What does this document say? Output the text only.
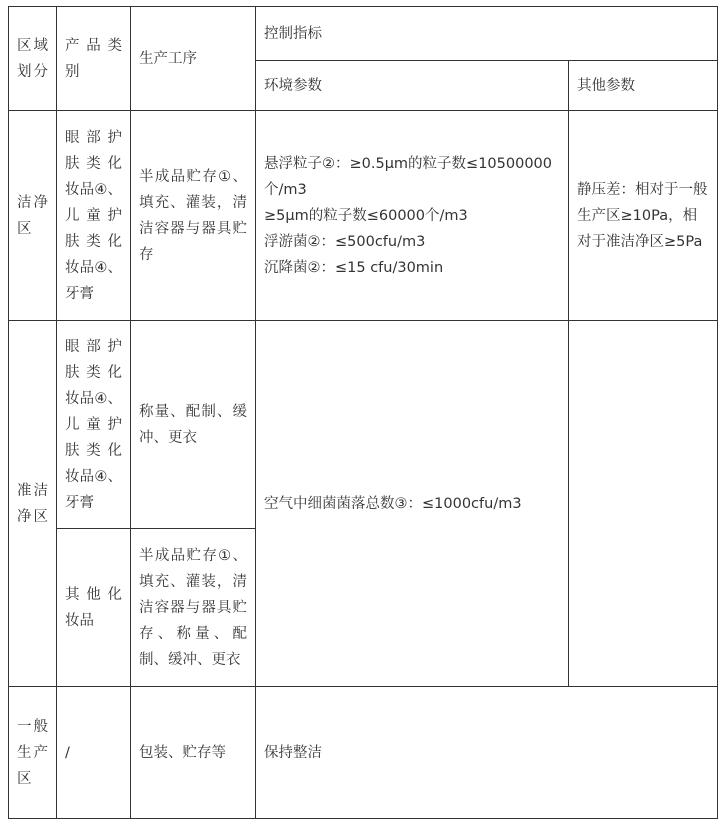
区域划分	产品类别	生产工序	控制指标	
			环境参数	其他参数
洁净区	眼部护肤类化妆品④、儿童护肤类化妆品④、牙膏	半成品贮存①、填充、灌装，清洁容器与器具贮存	悬浮粒子②：≥0.5μm的粒子数≤10500000个/m3
≥5μm的粒子数≤60000个/m3
浮游菌②：≤500cfu/m3
沉降菌②：≤15 cfu/30min	静压差：相对于一般生产区≥10Pa，相对于准洁净区≥5Pa
准洁净区	眼部护肤类化妆品④、儿童护肤类化妆品④、牙膏	称量、配制、缓冲、更衣	空气中细菌菌落总数③：≤1000cfu/m3	
	其他化妆品	半成品贮存①、填充、灌装，清洁容器与器具贮存、称量、配制、缓冲、更衣		
一般生产区	/	包装、贮存等	保持整洁	
